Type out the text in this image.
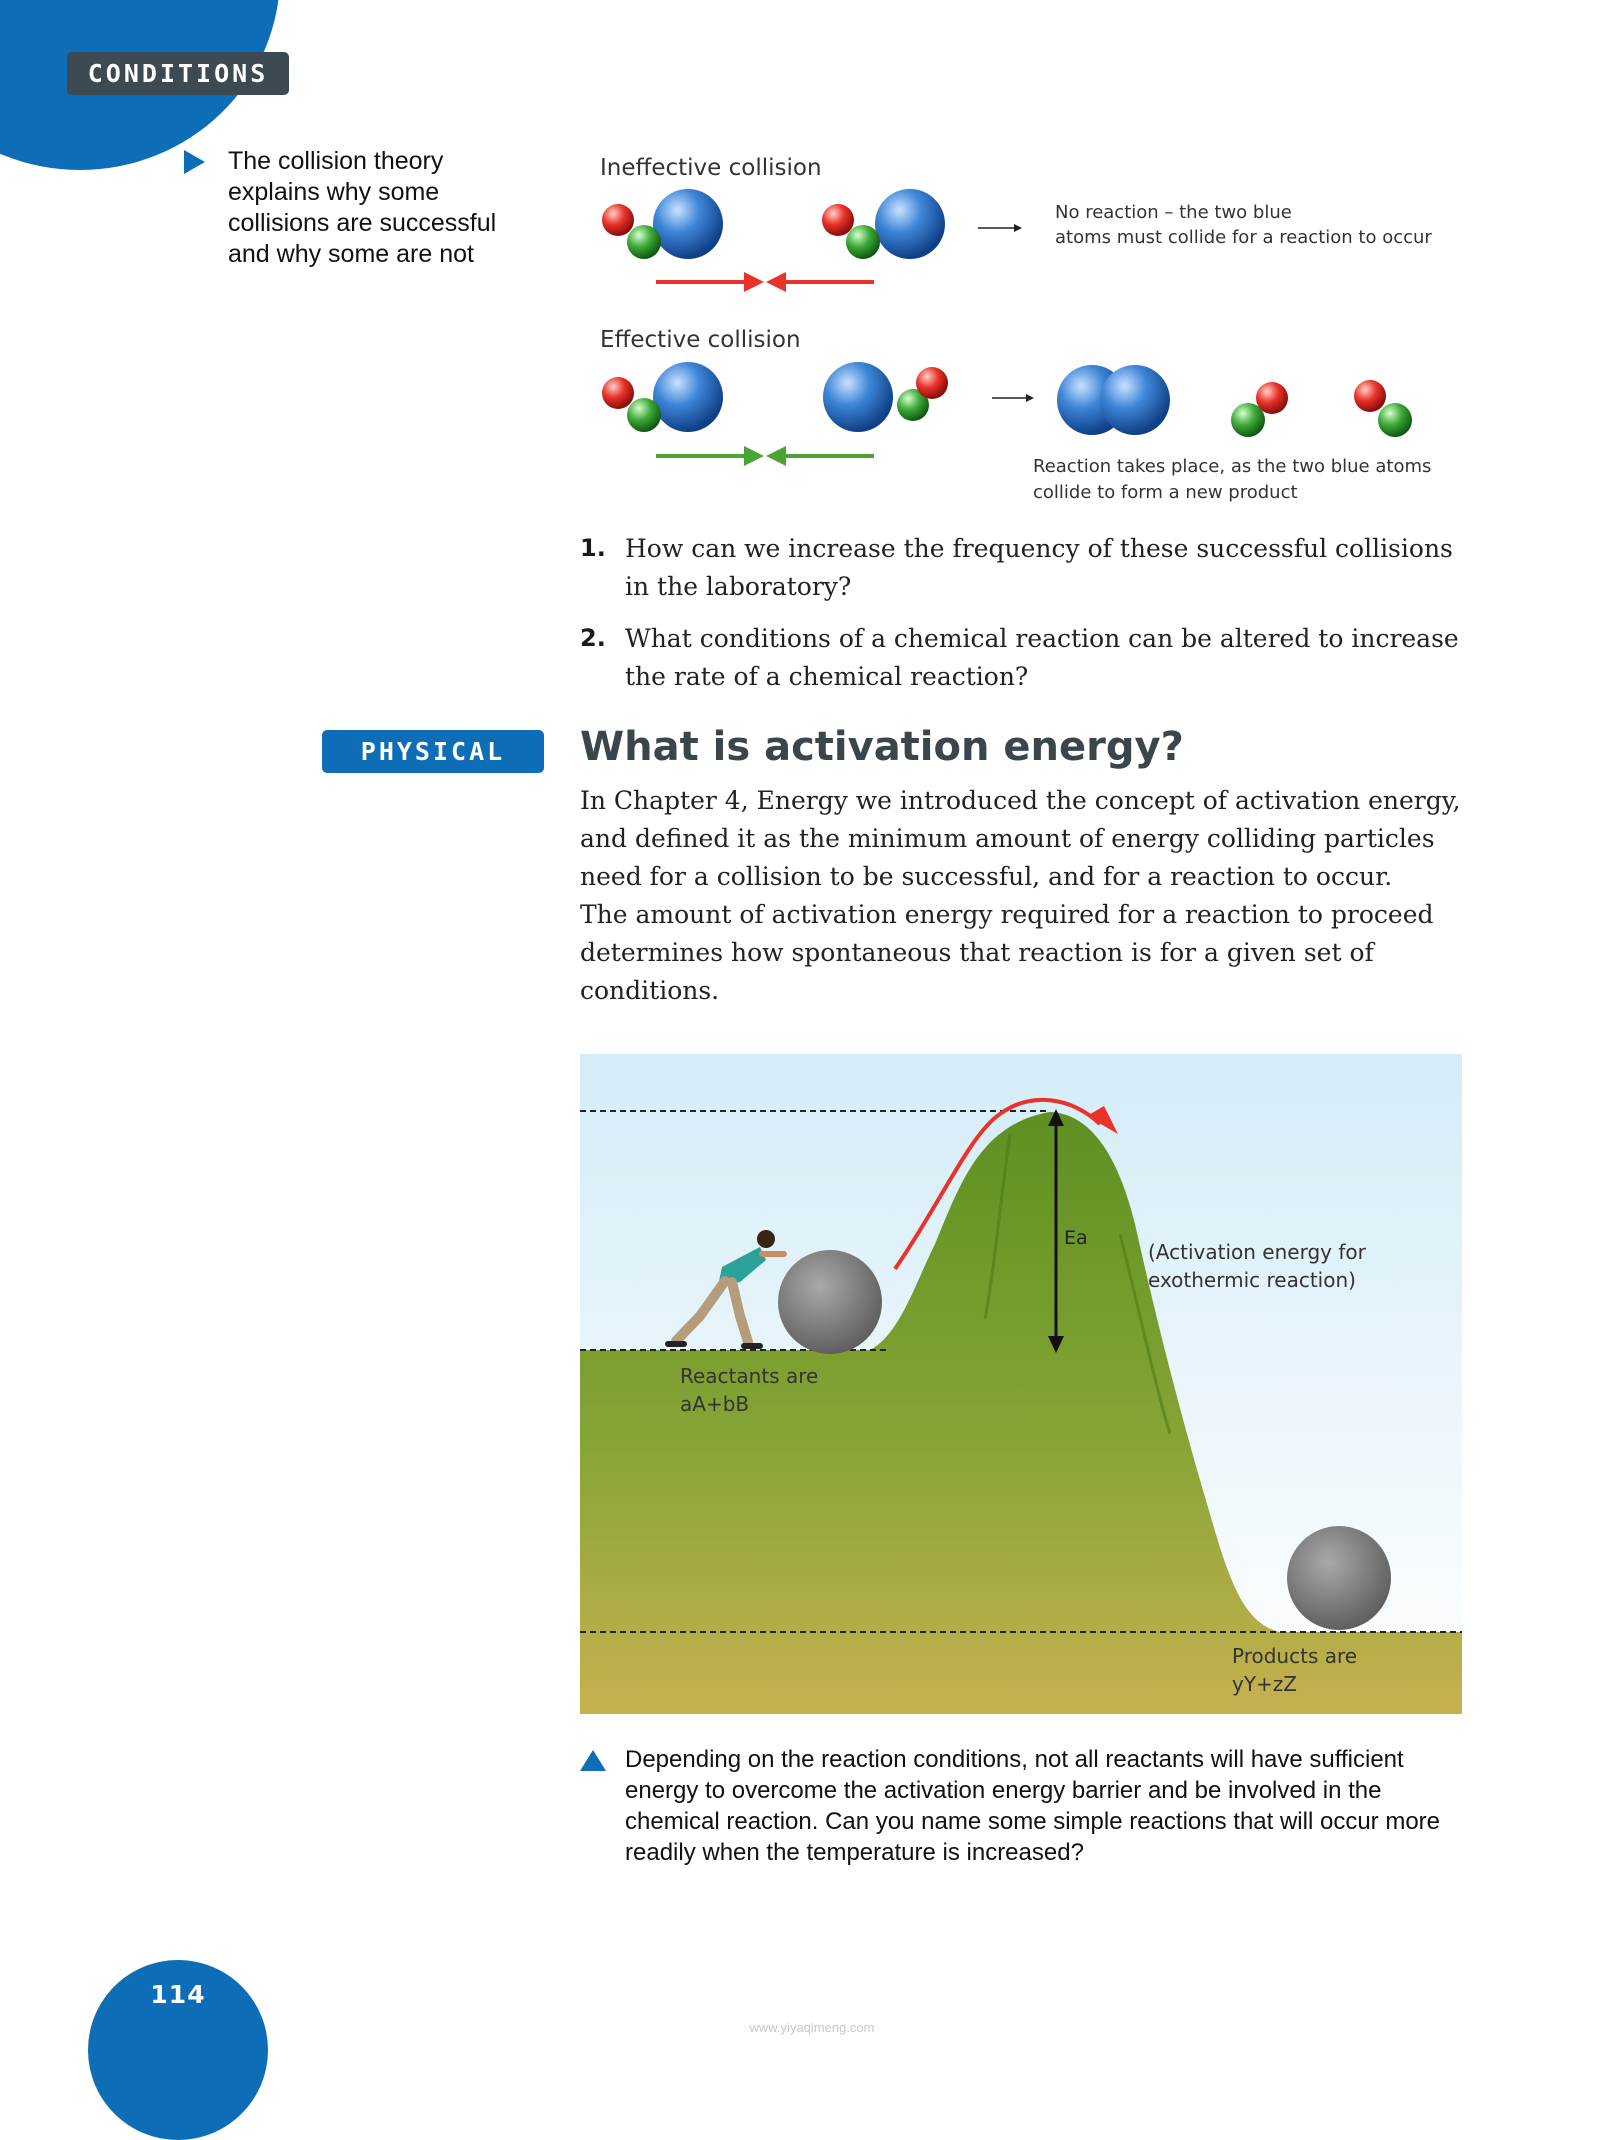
114
CONDITIONS
PHYSICAL
The collision theory explains why some collisions are successful and why some are not
Ineffective collision
No reaction – the two blue
atoms must collide for a reaction to occur
Effective collision
Reaction takes place, as the two blue atoms
collide to form a new product
1. How can we increase the frequency of these successful collisions
in the laboratory?
2. What conditions of a chemical reaction can be altered to increase
the rate of a chemical reaction?
What is activation energy?
In Chapter 4, Energy we introduced the concept of activation energy,
and defined it as the minimum amount of energy colliding particles
need for a collision to be successful, and for a reaction to occur.
The amount of activation energy required for a reaction to proceed
determines how spontaneous that reaction is for a given set of
conditions.
Ea
(Activation energy for
exothermic reaction)
Reactants are
aA+bB
Products are
yY+zZ
Depending on the reaction conditions, not all reactants will have sufficient energy to overcome the activation energy barrier and be involved in the chemical reaction. Can you name some simple reactions that will occur more readily when the temperature is increased?
www.yiyaqimeng.com
